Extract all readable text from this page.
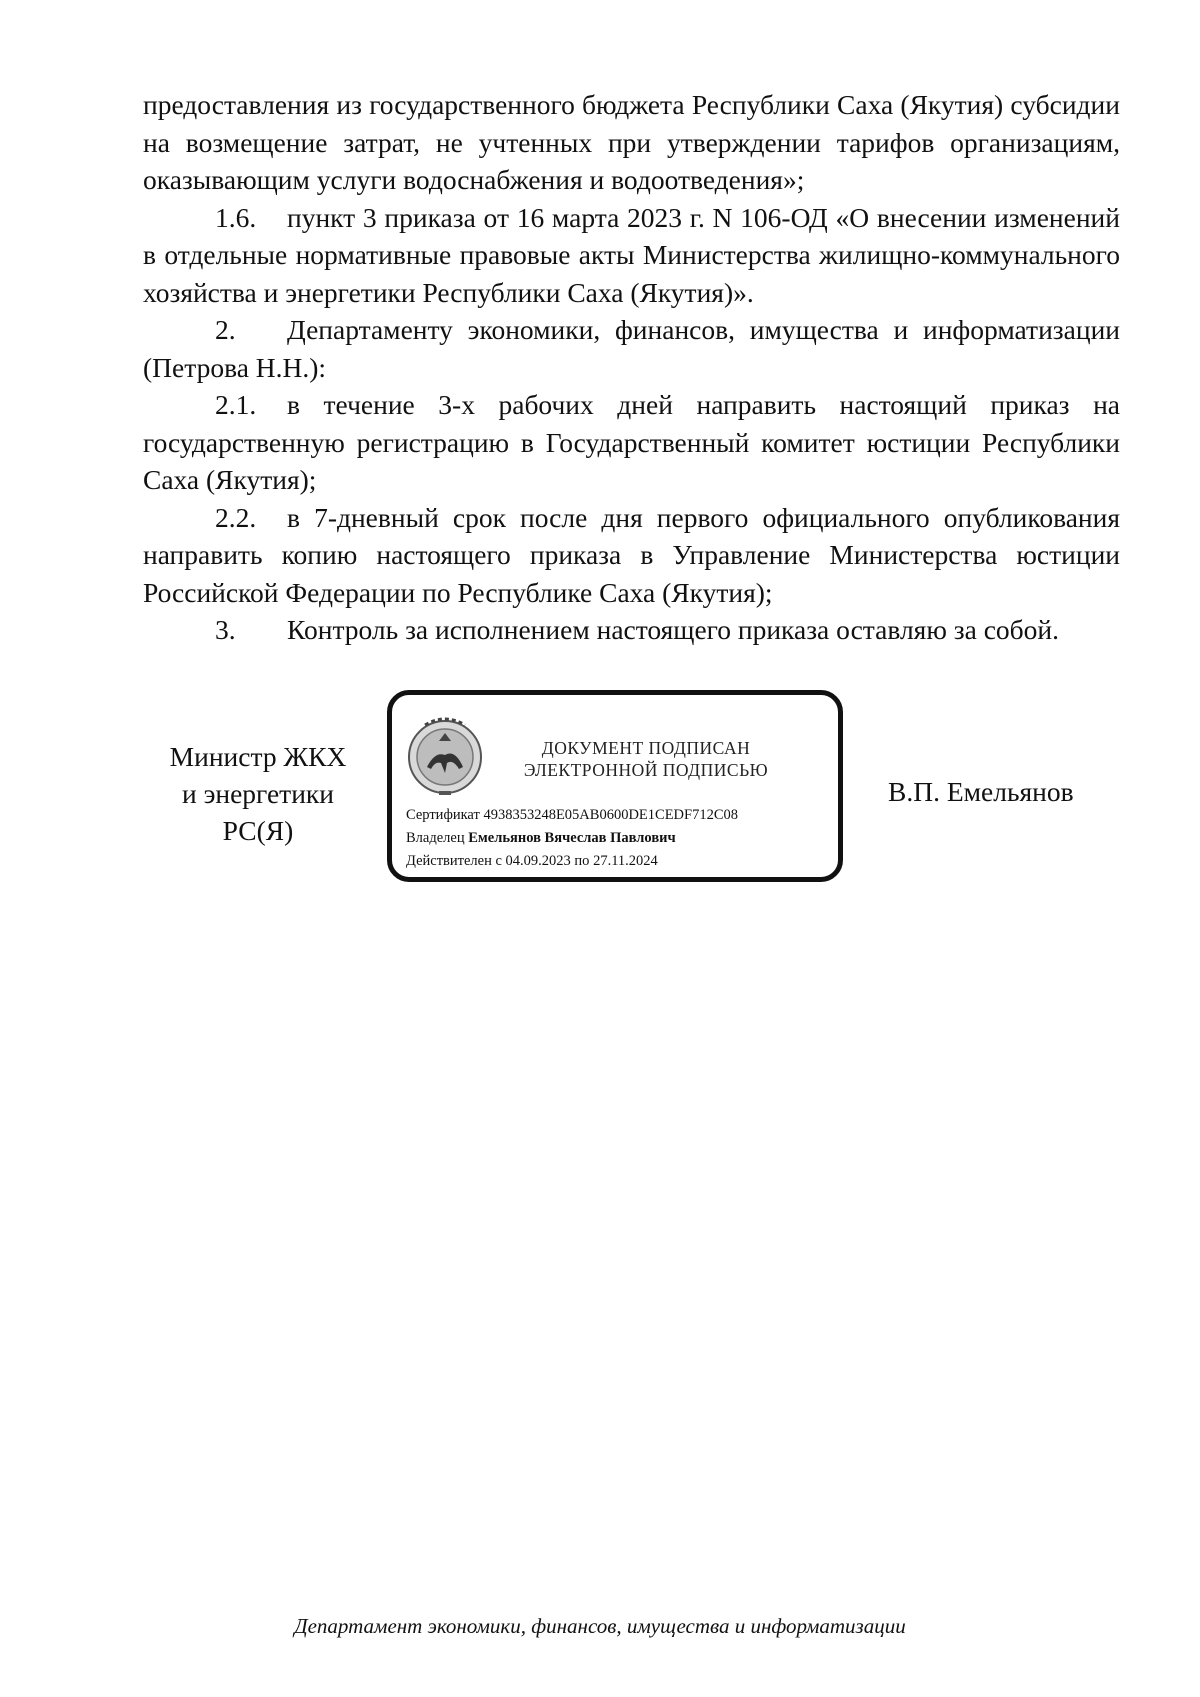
предоставления из государственного бюджета Республики Саха (Якутия) субсидии на возмещение затрат, не учтенных при утверждении тарифов организациям, оказывающим услуги водоснабжения и водоотведения»;

1.6. пункт 3 приказа от 16 марта 2023 г. N 106-ОД «О внесении изменений в отдельные нормативные правовые акты Министерства жилищно-коммунального хозяйства и энергетики Республики Саха (Якутия)».

2. Департаменту экономики, финансов, имущества и информатизации (Петрова Н.Н.):

2.1. в течение 3-х рабочих дней направить настоящий приказ на государственную регистрацию в Государственный комитет юстиции Республики Саха (Якутия);

2.2. в 7-дневный срок после дня первого официального опубликования направить копию настоящего приказа в Управление Министерства юстиции Российской Федерации по Республике Саха (Якутия);

3. Контроль за исполнением настоящего приказа оставляю за собой.

Министр ЖКХ
и энергетики
РС(Я)
ДОКУМЕНТ ПОДПИСАН
ЭЛЕКТРОННОЙ ПОДПИСЬЮ
Сертификат 4938353248E05AB0600DE1CEDF712C08
Владелец Емельянов Вячеслав Павлович
Действителен с 04.09.2023 по 27.11.2024
В.П. Емельянов
Департамент экономики, финансов, имущества и информатизации
